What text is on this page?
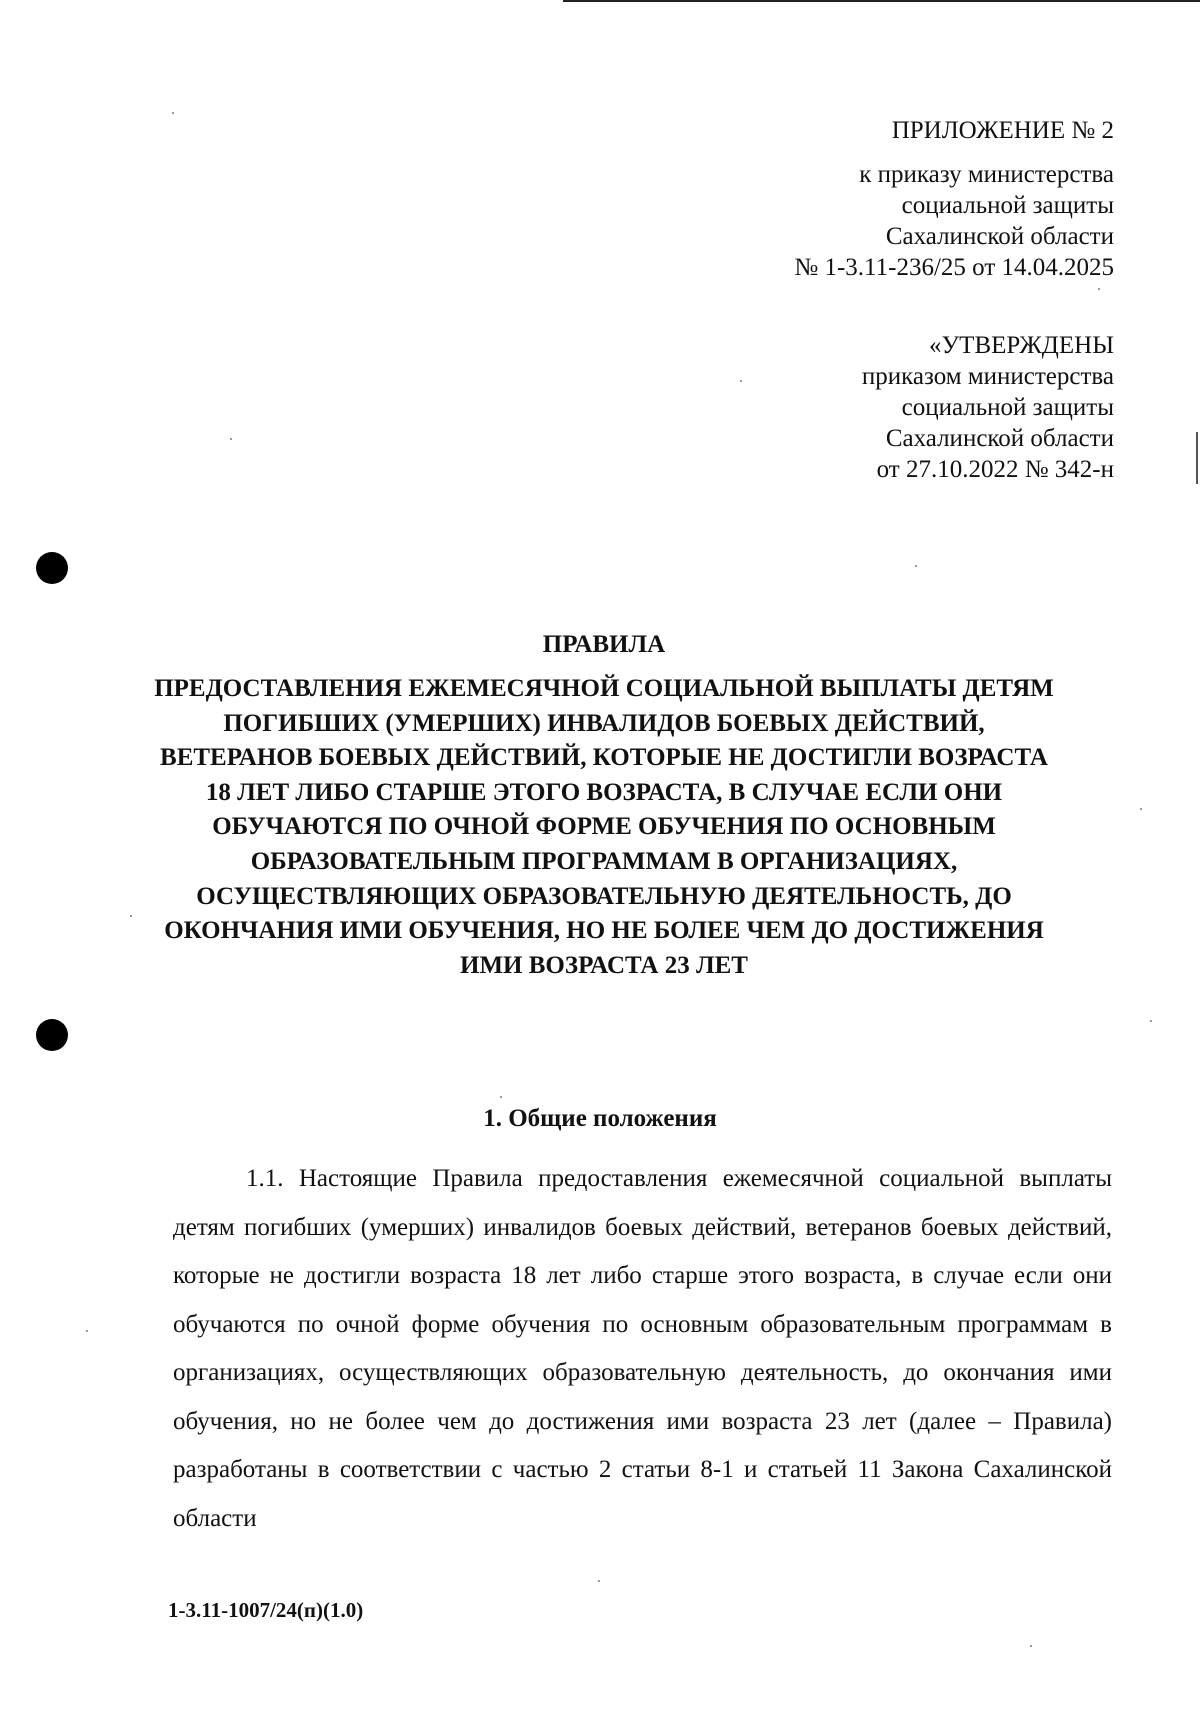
ПРИЛОЖЕНИЕ № 2
к приказу министерства
социальной защиты
Сахалинской области
№ 1-3.11-236/25 от 14.04.2025
«УТВЕРЖДЕНЫ
приказом министерства
социальной защиты
Сахалинской области
от 27.10.2022 № 342-н
ПРАВИЛА
ПРЕДОСТАВЛЕНИЯ ЕЖЕМЕСЯЧНОЙ СОЦИАЛЬНОЙ ВЫПЛАТЫ ДЕТЯМ ПОГИБШИХ (УМЕРШИХ) ИНВАЛИДОВ БОЕВЫХ ДЕЙСТВИЙ, ВЕТЕРАНОВ БОЕВЫХ ДЕЙСТВИЙ, КОТОРЫЕ НЕ ДОСТИГЛИ ВОЗРАСТА 18 ЛЕТ ЛИБО СТАРШЕ ЭТОГО ВОЗРАСТА, В СЛУЧАЕ ЕСЛИ ОНИ ОБУЧАЮТСЯ ПО ОЧНОЙ ФОРМЕ ОБУЧЕНИЯ ПО ОСНОВНЫМ ОБРАЗОВАТЕЛЬНЫМ ПРОГРАММАМ В ОРГАНИЗАЦИЯХ, ОСУЩЕСТВЛЯЮЩИХ ОБРАЗОВАТЕЛЬНУЮ ДЕЯТЕЛЬНОСТЬ, ДО ОКОНЧАНИЯ ИМИ ОБУЧЕНИЯ, НО НЕ БОЛЕЕ ЧЕМ ДО ДОСТИЖЕНИЯ ИМИ ВОЗРАСТА 23 ЛЕТ
1. Общие положения

1.1. Настоящие Правила предоставления ежемесячной социальной выплаты детям погибших (умерших) инвалидов боевых действий, ветеранов боевых действий, которые не достигли возраста 18 лет либо старше этого возраста, в случае если они обучаются по очной форме обучения по основным образовательным программам в организациях, осуществляющих образовательную деятельность, до окончания ими обучения, но не более чем до достижения ими возраста 23 лет (далее – Правила) разработаны в соответствии с частью 2 статьи 8-1 и статьей 11 Закона Сахалинской области

1-3.11-1007/24(п)(1.0)
